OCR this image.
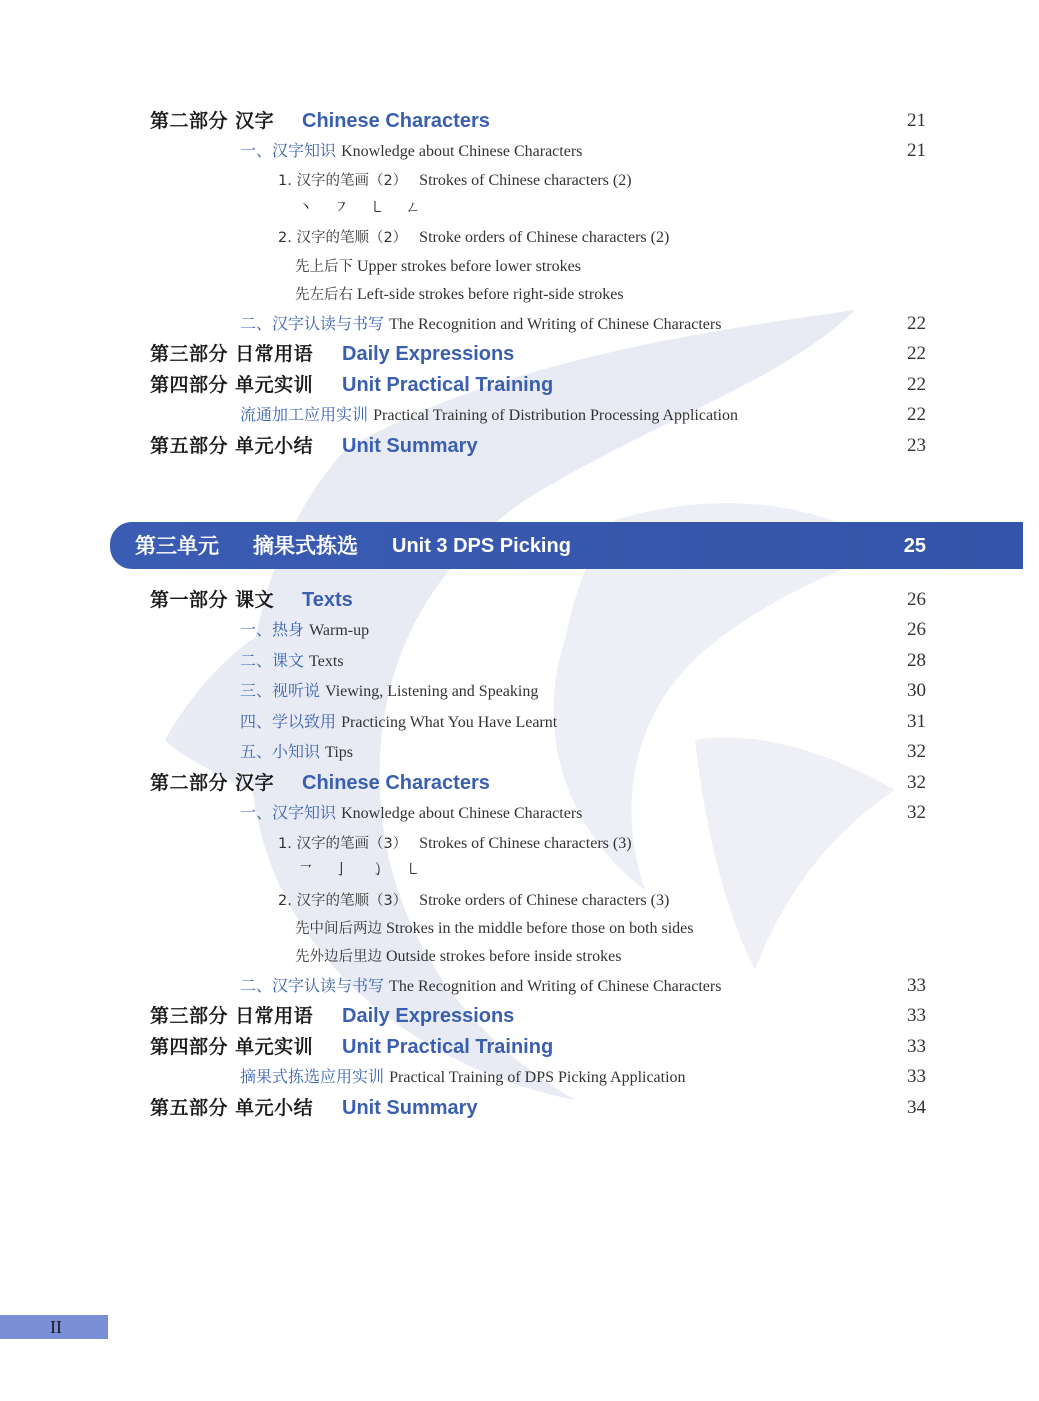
第二部分 汉字 Chinese Characters	21
一、汉字知识 Knowledge about Chinese Characters	21
1. 汉字的笔画（2） Strokes of Chinese characters (2)
丶 ㇇ ㇄ ㄥ
2. 汉字的笔顺（2） Stroke orders of Chinese characters (2)
先上后下 Upper strokes before lower strokes
先左后右 Left-side strokes before right-side strokes
二、汉字认读与书写 The Recognition and Writing of Chinese Characters	22
第三部分 日常用语 Daily Expressions	22
第四部分 单元实训 Unit Practical Training	22
流通加工应用实训 Practical Training of Distribution Processing Application	22
第五部分 单元小结 Unit Summary	23
第三单元 摘果式拣选 Unit 3 DPS Picking	25
第一部分 课文 Texts	26
一、热身 Warm-up	26
二、课文 Texts	28
三、视听说 Viewing, Listening and Speaking	30
四、学以致用 Practicing What You Have Learnt	31
五、小知识 Tips	32
第二部分 汉字 Chinese Characters	32
一、汉字知识 Knowledge about Chinese Characters	32
1. 汉字的笔画（3） Strokes of Chinese characters (3)
㇖ 亅 ㇁ ㇄
2. 汉字的笔顺（3） Stroke orders of Chinese characters (3)
先中间后两边 Strokes in the middle before those on both sides
先外边后里边 Outside strokes before inside strokes
二、汉字认读与书写 The Recognition and Writing of Chinese Characters	33
第三部分 日常用语 Daily Expressions	33
第四部分 单元实训 Unit Practical Training	33
摘果式拣选应用实训 Practical Training of DPS Picking Application	33
第五部分 单元小结 Unit Summary	34
II
